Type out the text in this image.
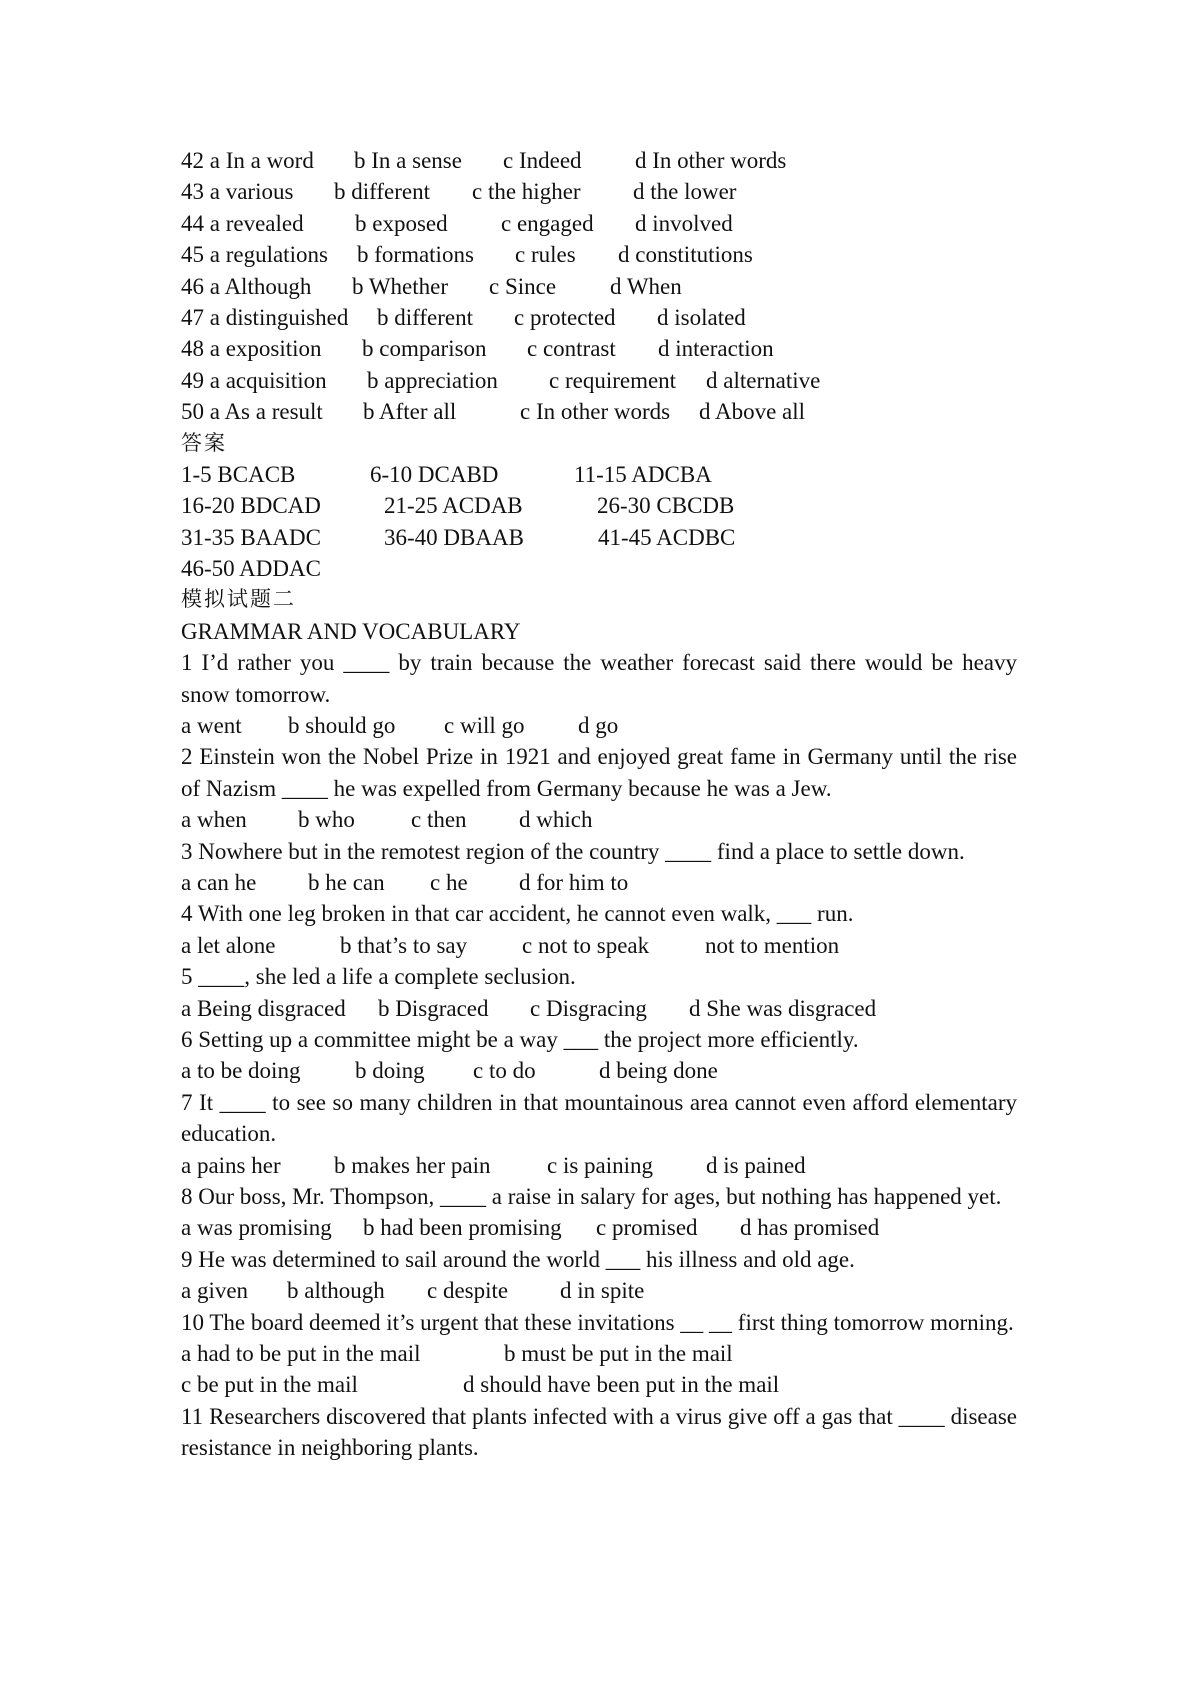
42 a In a word b In a sense c Indeed d In other words
43 a various b different c the higher d the lower
44 a revealed b exposed c engaged d involved
45 a regulations b formations c rules d constitutions
46 a Although b Whether c Since d When
47 a distinguished b different c protected d isolated
48 a exposition b comparison c contrast d interaction
49 a acquisition b appreciation c requirement d alternative
50 a As a result b After all	c In other words d Above all
答案
1-5 BCACB	6-10 DCABD	11-15 ADCBA
16-20 BDCAD	21-25 ACDAB	26-30 CBCDB
31-35 BAADC	36-40 DBAAB	41-45 ACDBC
46-50 ADDAC
模拟试题二
GRAMMAR AND VOCABULARY
1 I’d rather you ____ by train because the weather forecast said there would be heavy snow tomorrow.
a went b should go c will go d go
2 Einstein won the Nobel Prize in 1921 and enjoyed great fame in Germany until the rise of Nazism ____ he was expelled from Germany because he was a Jew.
a when b who c then d which
3 Nowhere but in the remotest region of the country ____ find a place to settle down.
a can he b he can c he d for him to
4 With one leg broken in that car accident, he cannot even walk, ___ run.
a let alone	b that’s to say c not to speak not to mention
5 ____, she led a life a complete seclusion.
a Being disgraced b Disgraced c Disgracing d She was disgraced
6 Setting up a committee might be a way ___ the project more efficiently.
a to be doing b doing c to do	d being done
7 It ____ to see so many children in that mountainous area cannot even afford elementary education.
a pains her b makes her pain c is paining d is pained
8 Our boss, Mr. Thompson, ____ a raise in salary for ages, but nothing has happened yet.
a was promising b had been promising c promised d has promised
9 He was determined to sail around the world ___ his illness and old age.
a given b although c despite d in spite
10 The board deemed it’s urgent that these invitations __ __ first thing tomorrow morning.
a had to be put in the mail	b must be put in the mail
c be put in the mail	d should have been put in the mail
11 Researchers discovered that plants infected with a virus give off a gas that ____ disease resistance in neighboring plants.
